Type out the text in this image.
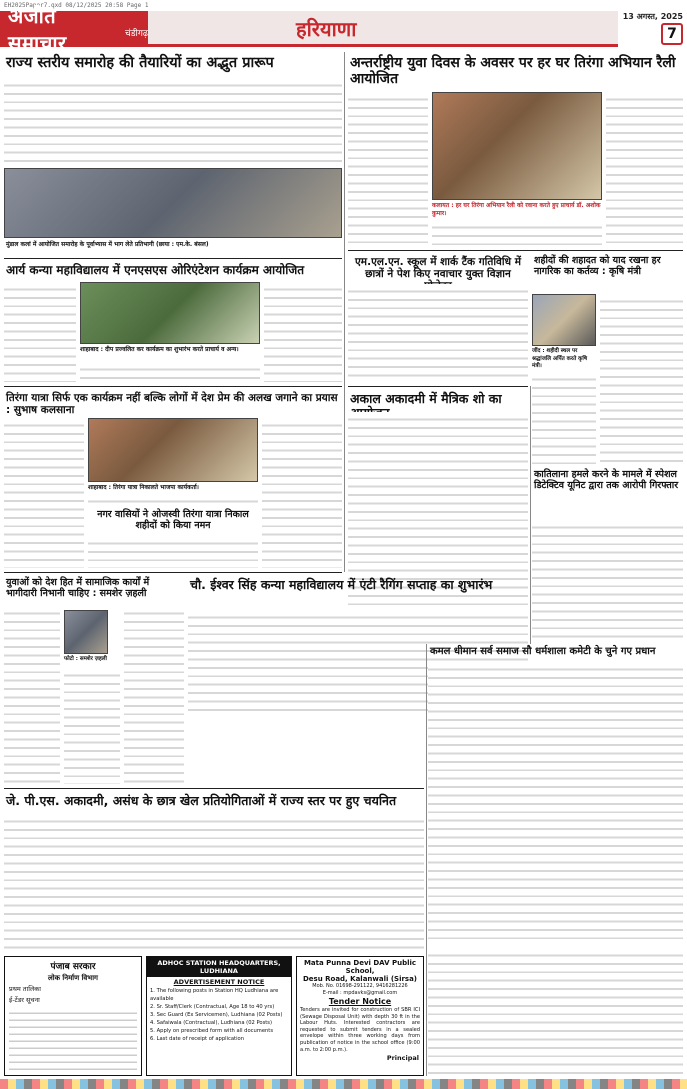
EH2025Paper7.qxd 08/12/2025 20:58 Page 1
अजीत समाचार	चंडीगढ़	हरियाणा
13 अगस्त, 2025
7
राज्य स्तरीय समारोह की तैयारियों का अद्भुत प्रारूप
मुंडाल कलां में आयोजित समारोह के पूर्वाभ्यास में भाग लेते प्रतिभागी (छाया : एम.के. बंसल)
अन्तर्राष्ट्रीय युवा दिवस के अवसर पर हर घर तिरंगा अभियान रैली आयोजित
कलायत : हर घर तिरंगा अभियान रैली को रवाना करते हुए प्राचार्य डॉ. अशोक कुमार।
आर्य कन्या महाविद्यालय में एनएसएस ओरिएंटेशन कार्यक्रम आयोजित
शाहाबाद : दीप प्रज्वलित कर कार्यक्रम का शुभारंभ करते प्राचार्य व अन्य।
एम.एल.एन. स्कूल में शार्क टैंक गतिविधि में छात्रों ने पेश किए नवाचार युक्त विज्ञान
शहीदों की शहादत को याद रखना हर नागरिक का कर्तव्य : कृषि मंत्री
जींद : शहीदी स्थल पर श्रद्धांजलि अर्पित करते कृषि मंत्री।
तिरंगा यात्रा सिर्फ एक कार्यक्रम नहीं बल्कि लोगों में देश प्रेम की अलख जगाने का प्रयास : सुभाष कलसाना
शाहाबाद : तिरंगा यात्रा निकालते भाजपा कार्यकर्ता।
नगर वासियों ने ओजस्वी तिरंगा यात्रा निकाल शहीदों को किया नमन
अकाल अकादमी में मैत्रिक शो का
कातिलाना हमले करने के मामले में स्पेशल डिटेक्टिव यूनिट द्वारा तक आरोपी गिरफ्तार
युवाओं को देश हित में सामाजिक कार्यों में भागीदारी निभानी चाहिए : समशेर ज़हली
फोटो : समशेर ज़हली
चौ. ईश्वर सिंह कन्या महाविद्यालय में एंटी रैगिंग सप्ताह का शुभारंभ
कमल धीमान सर्व समाज सौ धर्मशाला कमेटी के चुने गए प्रधान
जे. पी.एस. अकादमी, असंध के छात्र खेल प्रतियोगिताओं में राज्य स्तर पर हुए चयनित
पंजाब सरकार
लोक निर्माण विभाग
प्रथम तालिका
ई-टेंडर सूचना
ADHOC STATION HEADQUARTERS, LUDHIANA
ADVERTISEMENT NOTICE
1. The following posts in Station HQ Ludhiana are available
2. Sr. Staff/Clerk (Contractual, Age 18 to 40 yrs)
3. Sec Guard (Ex Servicemen), Ludhiana (02 Posts)
4. Safaiwala (Contractual), Ludhiana (02 Posts)
5. Apply on prescribed form with all documents
6. Last date of receipt of application
Mata Punna Devi DAV Public School,
Desu Road, Kalanwali (Sirsa)
Mob. No. 01698-291122, 9416281226
E-mail : mpdavks@gmail.com
Tender Notice
Tenders are invited for construction of SBR ICI (Sewage Disposal Unit) with depth 30 ft in the Labour Huts. Interested contractors are requested to submit tenders in a sealed envelope within three working days from publication of notice in the school office (9:00 a.m. to 2:00 p.m.).
Principal
